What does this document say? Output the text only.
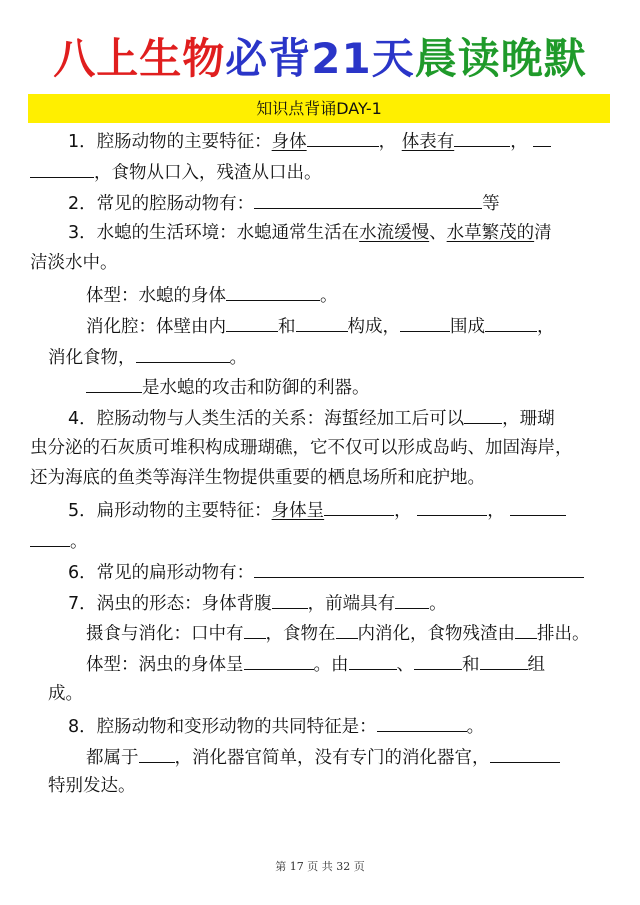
八上生物必背21天晨读晚默
知识点背诵DAY-1
1．腔肠动物的主要特征：身体	， 体表有	，
，食物从口入，残渣从口出。
2．常见的腔肠动物有：	等
3．水螅的生活环境：水螅通常生活在水流缓慢、水草繁茂的清
洁淡水中。
体型：水螅的身体	。
消化腔：体壁由内	和	构成，	围成	，
消化食物，	。
是水螅的攻击和防御的利器。
4．腔肠动物与人类生活的关系：海蜇经加工后可以 ，珊瑚
虫分泌的石灰质可堆积构成珊瑚礁，它不仅可以形成岛屿、加固海岸，
还为海底的鱼类等海洋生物提供重要的栖息场所和庇护地。
5．扁形动物的主要特征：身体呈	，	，
。
6．常见的扁形动物有：
7．涡虫的形态：身体背腹 ，前端具有 。
摄食与消化：口中有 ，食物在 内消化，食物残渣由 排出。
体型：涡虫的身体呈	。由	、	和	组
成。
8．腔肠动物和变形动物的共同特征是：	。
都属于 ，消化器官简单，没有专门的消化器官，
特别发达。
第 17 页 共 32 页
